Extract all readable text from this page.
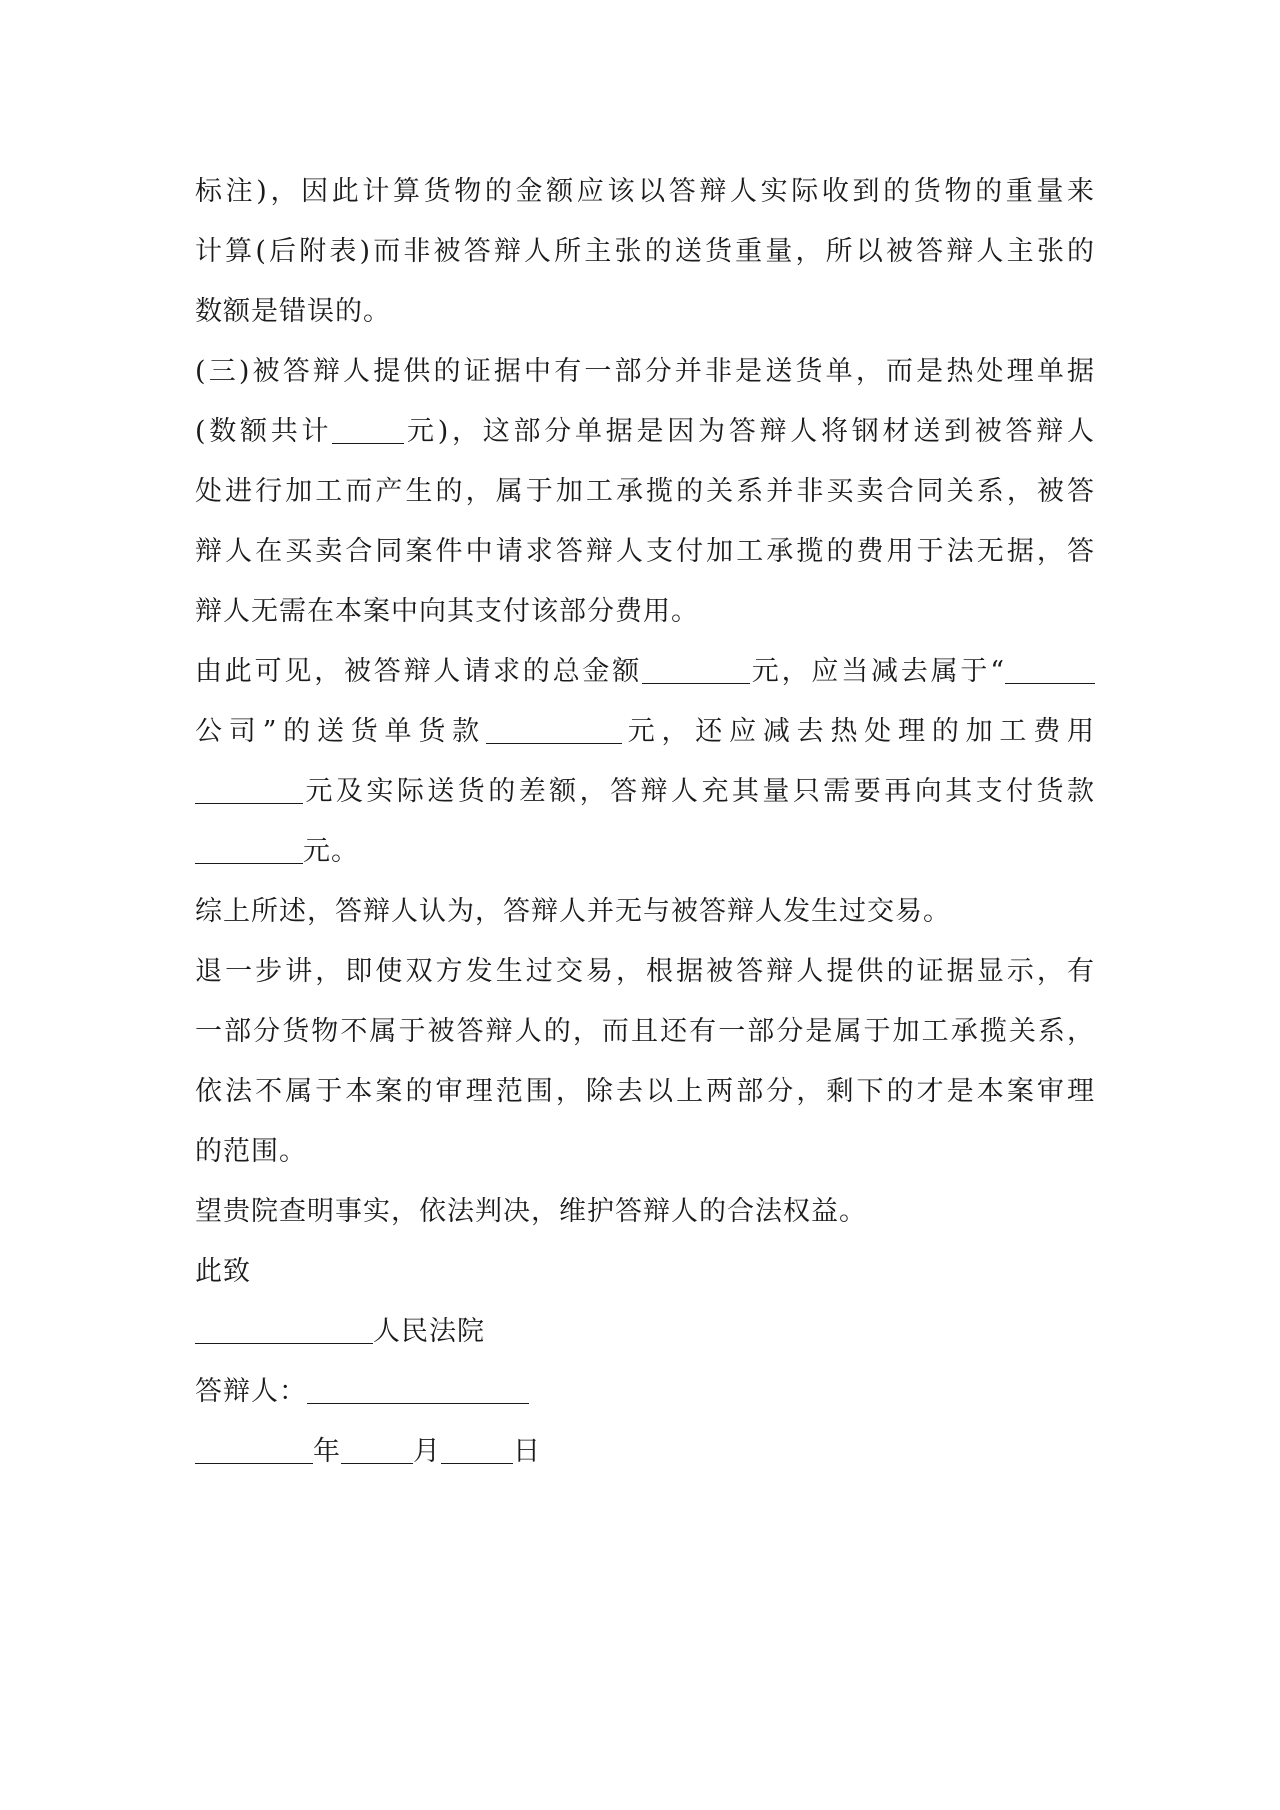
标注)，因此计算货物的金额应该以答辩人实际收到的货物的重量来
计算(后附表)而非被答辩人所主张的送货重量，所以被答辩人主张的
数额是错误的。

(三)被答辩人提供的证据中有一部分并非是送货单，而是热处理单据
(数额共计	元)，这部分单据是因为答辩人将钢材送到被答辩人
处进行加工而产生的，属于加工承揽的关系并非买卖合同关系，被答
辩人在买卖合同案件中请求答辩人支付加工承揽的费用于法无据，答
辩人无需在本案中向其支付该部分费用。

由此可见，被答辩人请求的总金额	元，应当减去属于“
公司”的送货单货款	元，还应减去热处理的加工费用
元及实际送货的差额，答辩人充其量只需要再向其支付货款
元。

综上所述，答辩人认为，答辩人并无与被答辩人发生过交易。

退一步讲，即使双方发生过交易，根据被答辩人提供的证据显示，有
一部分货物不属于被答辩人的，而且还有一部分是属于加工承揽关系，
依法不属于本案的审理范围，除去以上两部分，剩下的才是本案审理
的范围。

望贵院查明事实，依法判决，维护答辩人的合法权益。

此致

人民法院

答辩人：

年	月	日
